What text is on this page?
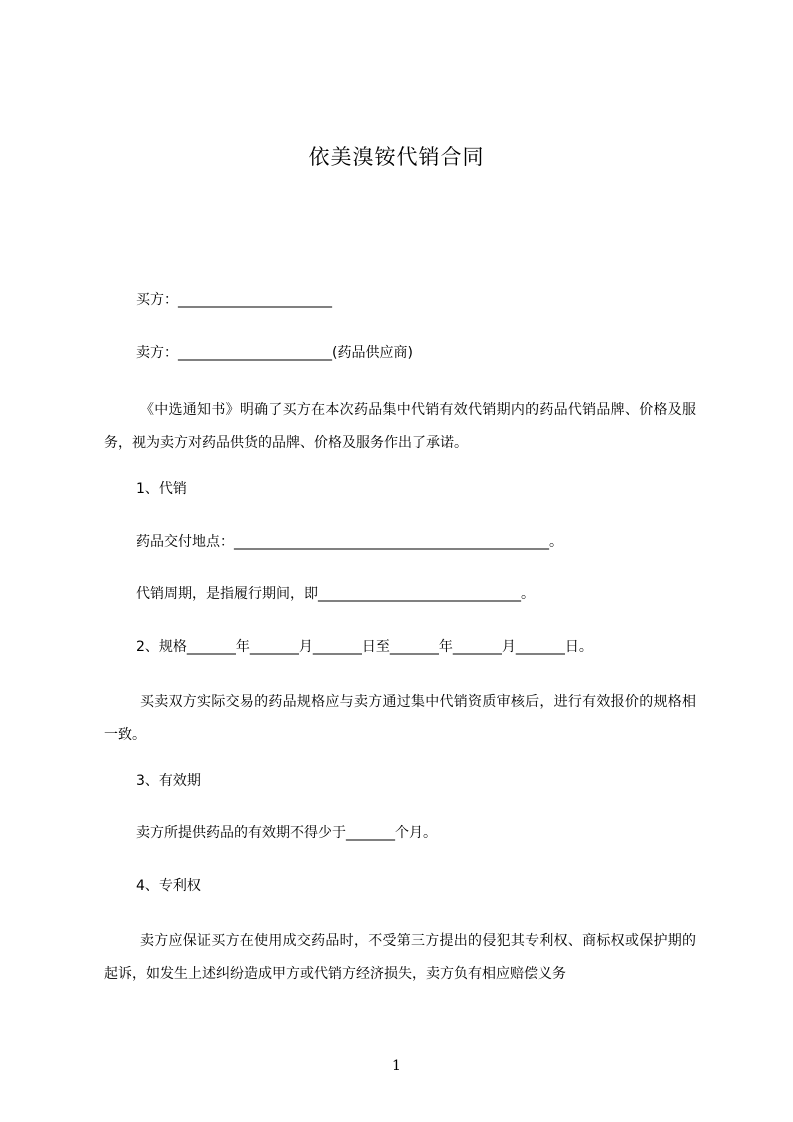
依美溴铵代销合同
买方：______________________
卖方：______________________(药品供应商)
《中选通知书》明确了买方在本次药品集中代销有效代销期内的药品代销品牌、价格及服务，视为卖方对药品供货的品牌、价格及服务作出了承诺。
1、代销
药品交付地点：_____________________________________________。
代销周期，是指履行期间，即_____________________________。
2、规格_______年_______月_______日至_______年_______月_______日。
买卖双方实际交易的药品规格应与卖方通过集中代销资质审核后，进行有效报价的规格相一致。
3、有效期
卖方所提供药品的有效期不得少于_______个月。
4、专利权
卖方应保证买方在使用成交药品时，不受第三方提出的侵犯其专利权、商标权或保护期的起诉，如发生上述纠纷造成甲方或代销方经济损失，卖方负有相应赔偿义务
1
